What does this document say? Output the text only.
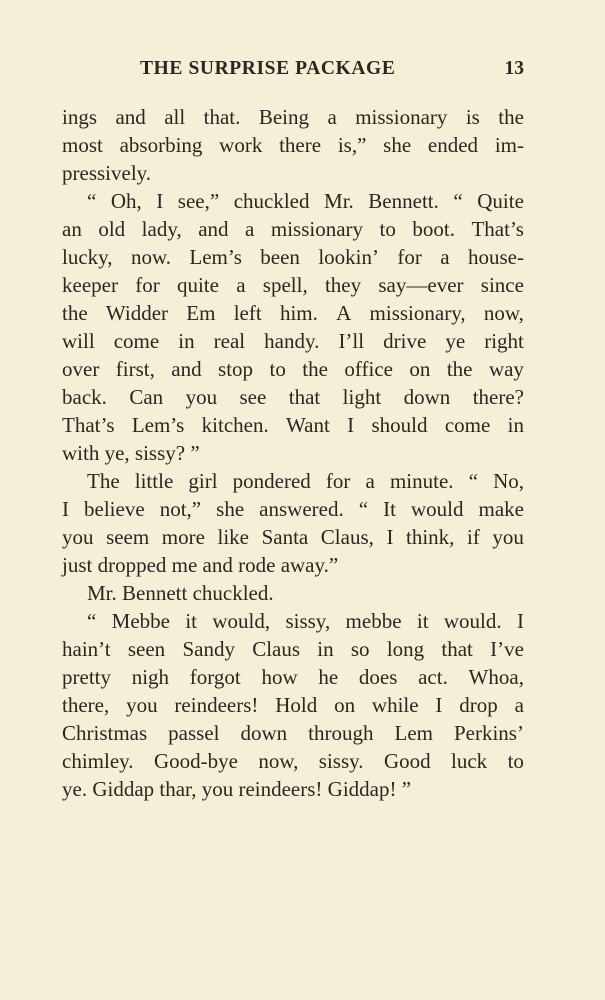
THE SURPRISE PACKAGE	13
ings and all that. Being a missionary is the
most absorbing work there is,” she ended im-
pressively.
“ Oh, I see,” chuckled Mr. Bennett. “ Quite
an old lady, and a missionary to boot. That’s
lucky, now. Lem’s been lookin’ for a house-
keeper for quite a spell, they say—ever since
the Widder Em left him. A missionary, now,
will come in real handy. I’ll drive ye right
over first, and stop to the office on the way
back. Can you see that light down there?
That’s Lem’s kitchen. Want I should come in
with ye, sissy? ”
The little girl pondered for a minute. “ No,
I believe not,” she answered. “ It would make
you seem more like Santa Claus, I think, if you
just dropped me and rode away.”
Mr. Bennett chuckled.
“ Mebbe it would, sissy, mebbe it would. I
hain’t seen Sandy Claus in so long that I’ve
pretty nigh forgot how he does act. Whoa,
there, you reindeers! Hold on while I drop a
Christmas passel down through Lem Perkins’
chimley. Good-bye now, sissy. Good luck to
ye. Giddap thar, you reindeers! Giddap! ”
